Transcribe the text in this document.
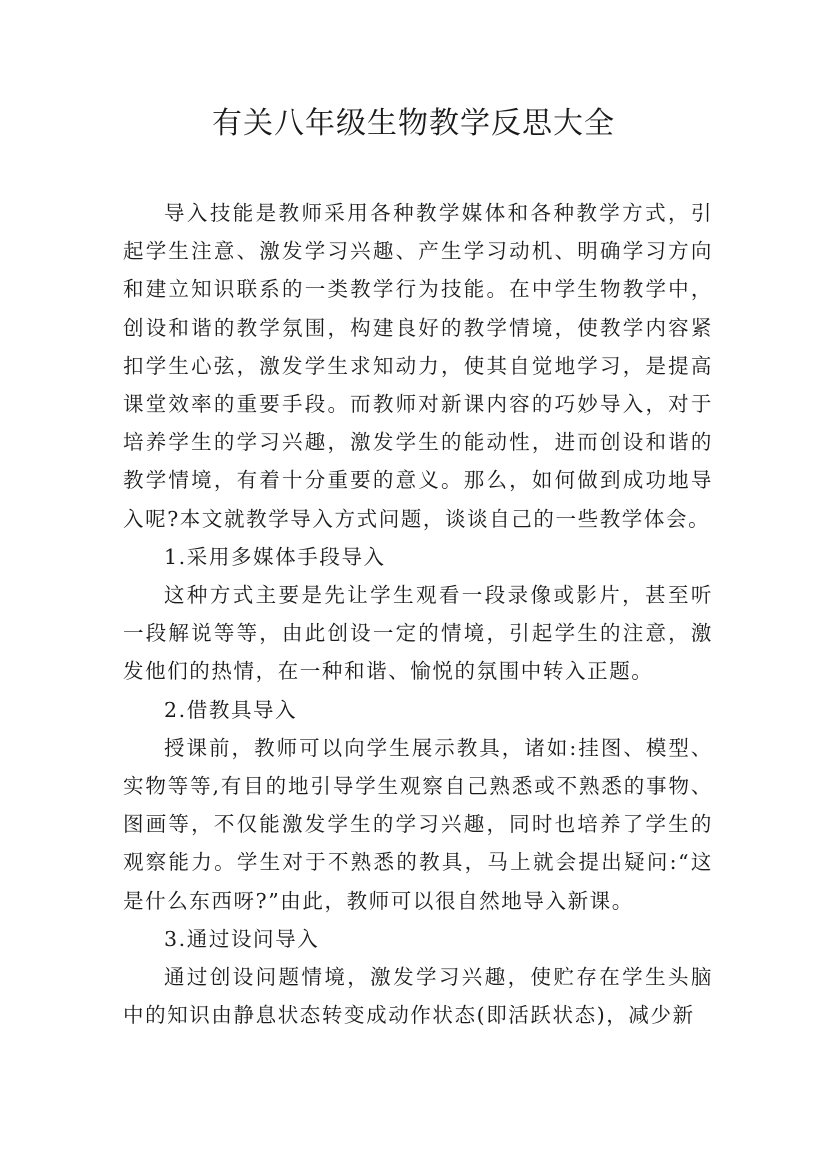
有关八年级生物教学反思大全

导入技能是教师采用各种教学媒体和各种教学方式，引起学生注意、激发学习兴趣、产生学习动机、明确学习方向和建立知识联系的一类教学行为技能。在中学生物教学中，创设和谐的教学氛围，构建良好的教学情境，使教学内容紧扣学生心弦，激发学生求知动力，使其自觉地学习，是提高课堂效率的重要手段。而教师对新课内容的巧妙导入，对于培养学生的学习兴趣，激发学生的能动性，进而创设和谐的教学情境，有着十分重要的意义。那么，如何做到成功地导入呢?本文就教学导入方式问题，谈谈自己的一些教学体会。

1.采用多媒体手段导入

这种方式主要是先让学生观看一段录像或影片，甚至听一段解说等等，由此创设一定的情境，引起学生的注意，激发他们的热情，在一种和谐、愉悦的氛围中转入正题。

2.借教具导入

授课前，教师可以向学生展示教具，诸如:挂图、模型、实物等等,有目的地引导学生观察自己熟悉或不熟悉的事物、图画等，不仅能激发学生的学习兴趣，同时也培养了学生的观察能力。学生对于不熟悉的教具，马上就会提出疑问:“这是什么东西呀?”由此，教师可以很自然地导入新课。

3.通过设问导入

通过创设问题情境，激发学习兴趣，使贮存在学生头脑中的知识由静息状态转变成动作状态(即活跃状态)，减少新
